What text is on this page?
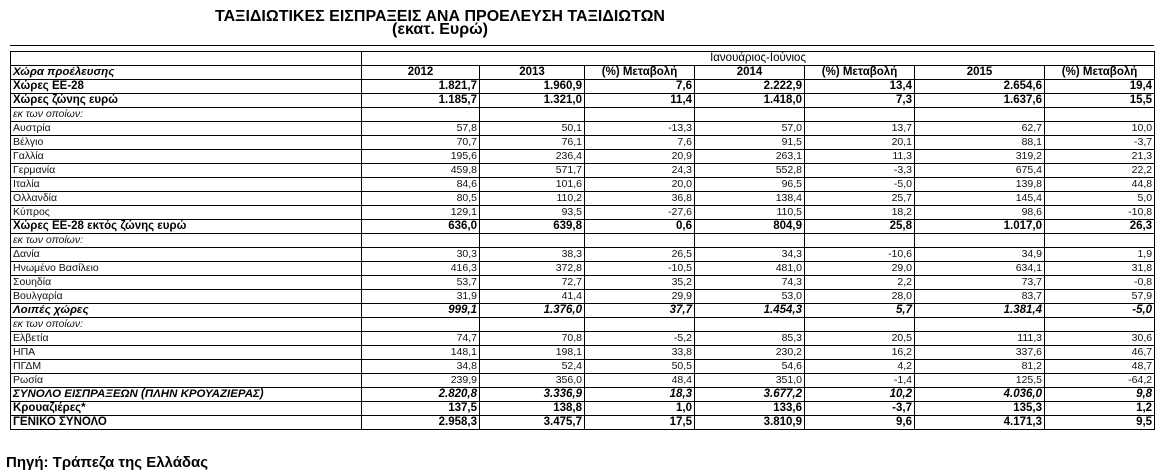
ΤΑΞΙΔΙΩΤΙΚΕΣ ΕΙΣΠΡΑΞΕΙΣ ΑΝΑ ΠΡΟΕΛΕΥΣΗ ΤΑΞΙΔΙΩΤΩΝ
(εκατ. Ευρώ)
	Ιανουάριος-Ιούνιος						
Χώρα προέλευσης	2012	2013	(%) Μεταβολή	2014	(%) Μεταβολή	2015	(%) Μεταβολή
Χώρες ΕΕ-28	1.821,7	1.960,9	7,6	2.222,9	13,4	2.654,6	19,4
Χώρες ζώνης ευρώ	1.185,7	1.321,0	11,4	1.418,0	7,3	1.637,6	15,5
εκ των οποίων:							
Αυστρία	57,8	50,1	-13,3	57,0	13,7	62,7	10,0
Βέλγιο	70,7	76,1	7,6	91,5	20,1	88,1	-3,7
Γαλλία	195,6	236,4	20,9	263,1	11,3	319,2	21,3
Γερμανία	459,8	571,7	24,3	552,8	-3,3	675,4	22,2
Ιταλία	84,6	101,6	20,0	96,5	-5,0	139,8	44,8
Ολλανδία	80,5	110,2	36,8	138,4	25,7	145,4	5,0
Κύπρος	129,1	93,5	-27,6	110,5	18,2	98,6	-10,8
Χώρες ΕΕ-28 εκτός ζώνης ευρώ	636,0	639,8	0,6	804,9	25,8	1.017,0	26,3
εκ των οποίων:							
Δανία	30,3	38,3	26,5	34,3	-10,6	34,9	1,9
Ηνωμένο Βασίλειο	416,3	372,8	-10,5	481,0	29,0	634,1	31,8
Σουηδία	53,7	72,7	35,2	74,3	2,2	73,7	-0,8
Βουλγαρία	31,9	41,4	29,9	53,0	28,0	83,7	57,9
Λοιπές χώρες	999,1	1.376,0	37,7	1.454,3	5,7	1.381,4	-5,0
εκ των οποίων:							
Ελβετία	74,7	70,8	-5,2	85,3	20,5	111,3	30,6
ΗΠΑ	148,1	198,1	33,8	230,2	16,2	337,6	46,7
ΠΓΔΜ	34,8	52,4	50,5	54,6	4,2	81,2	48,7
Ρωσία	239,9	356,0	48,4	351,0	-1,4	125,5	-64,2
ΣΥΝΟΛΟ ΕΙΣΠΡΑΞΕΩΝ (ΠΛΗΝ ΚΡΟΥΑΖΙΕΡΑΣ)	2.820,8	3.336,9	18,3	3.677,2	10,2	4.036,0	9,8
Κρουαζιέρες*	137,5	138,8	1,0	133,6	-3,7	135,3	1,2
ΓΕΝΙΚΟ ΣΥΝΟΛΟ	2.958,3	3.475,7	17,5	3.810,9	9,6	4.171,3	9,5
Πηγή: Τράπεζα της Ελλάδας
